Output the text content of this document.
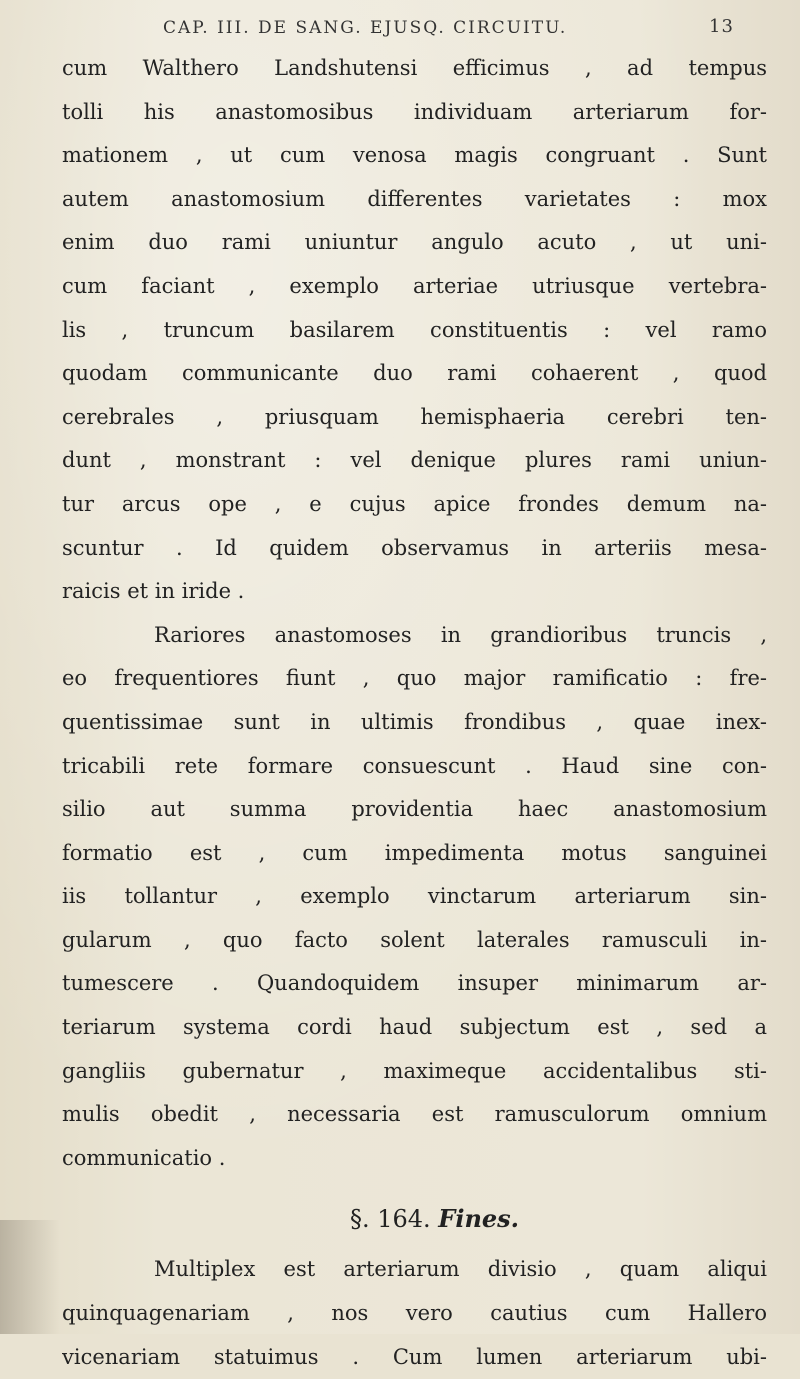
CAP. III. DE SANG. EJUSQ. CIRCUITU.	13
cum Walthero Landshutensi efficimus , ad tempus
tolli his anastomosibus individuam arteriarum for-
mationem , ut cum venosa magis congruant . Sunt
autem anastomosium differentes varietates : mox
enim duo rami uniuntur angulo acuto , ut uni-
cum faciant , exemplo arteriae utriusque vertebra-
lis , truncum basilarem constituentis : vel ramo
quodam communicante duo rami cohaerent , quod
cerebrales , priusquam hemisphaeria cerebri ten-
dunt , monstrant : vel denique plures rami uniun-
tur arcus ope , e cujus apice frondes demum na-
scuntur . Id quidem observamus in arteriis mesa-
raicis et in iride .
Rariores anastomoses in grandioribus truncis ,
eo frequentiores fiunt , quo major ramificatio : fre-
quentissimae sunt in ultimis frondibus , quae inex-
tricabili rete formare consuescunt . Haud sine con-
silio aut summa providentia haec anastomosium
formatio est , cum impedimenta motus sanguinei
iis tollantur , exemplo vinctarum arteriarum sin-
gularum , quo facto solent laterales ramusculi in-
tumescere . Quandoquidem insuper minimarum ar-
teriarum systema cordi haud subjectum est , sed a
gangliis gubernatur , maximeque accidentalibus sti-
mulis obedit , necessaria est ramusculorum omnium
communicatio .
§. 164. Fines.
Multiplex est arteriarum divisio , quam aliqui
quinquagenariam , nos vero cautius cum Hallero
vicenariam statuimus . Cum lumen arteriarum ubi-
